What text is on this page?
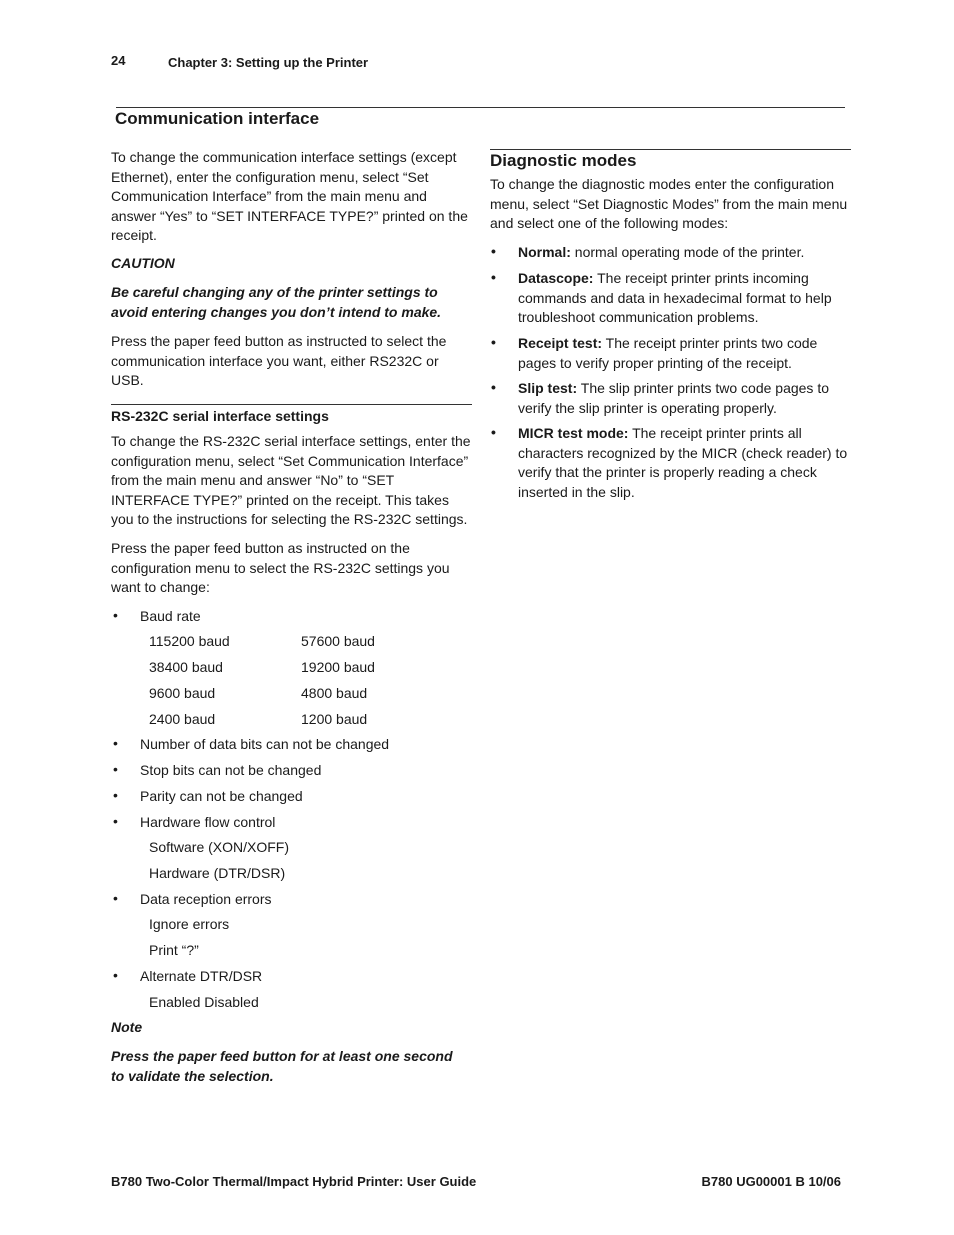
24	Chapter 3: Setting up the Printer
Communication interface

To change the communication interface settings (except Ethernet), enter the configuration menu, select “Set Communication Interface” from the main menu and answer “Yes” to “SET INTERFACE TYPE?” printed on the receipt.

CAUTION

Be careful changing any of the printer settings to avoid entering changes you don’t intend to make.

Press the paper feed button as instructed to select the communication interface you want, either RS232C or USB.

RS-232C serial interface settings

To change the RS-232C serial interface settings, enter the configuration menu, select “Set Communication Interface” from the main menu and answer “No” to “SET INTERFACE TYPE?” printed on the receipt. This takes you to the instructions for selecting the RS-232C settings.

Press the paper feed button as instructed on the configuration menu to select the RS-232C settings you want to change:

• Baud rate
115200 baud	57600 baud
38400 baud	19200 baud
9600 baud	4800 baud
2400 baud	1200 baud
• Number of data bits can not be changed
• Stop bits can not be changed
• Parity can not be changed
• Hardware flow control
Software (XON/XOFF)
Hardware (DTR/DSR)
• Data reception errors
Ignore errors
Print “?”
• Alternate DTR/DSR
Enabled Disabled

Note

Press the paper feed button for at least one second to validate the selection.

Diagnostic modes

To change the diagnostic modes enter the configuration menu, select “Set Diagnostic Modes” from the main menu and select one of the following modes:

• Normal: normal operating mode of the printer.
• Datascope: The receipt printer prints incoming commands and data in hexadecimal format to help troubleshoot communication problems.
• Receipt test: The receipt printer prints two code pages to verify proper printing of the receipt.
• Slip test: The slip printer prints two code pages to verify the slip printer is operating properly.
• MICR test mode: The receipt printer prints all characters recognized by the MICR (check reader) to verify that the printer is properly reading a check inserted in the slip.
B780 Two-Color Thermal/Impact Hybrid Printer: User Guide	B780 UG00001 B 10/06
